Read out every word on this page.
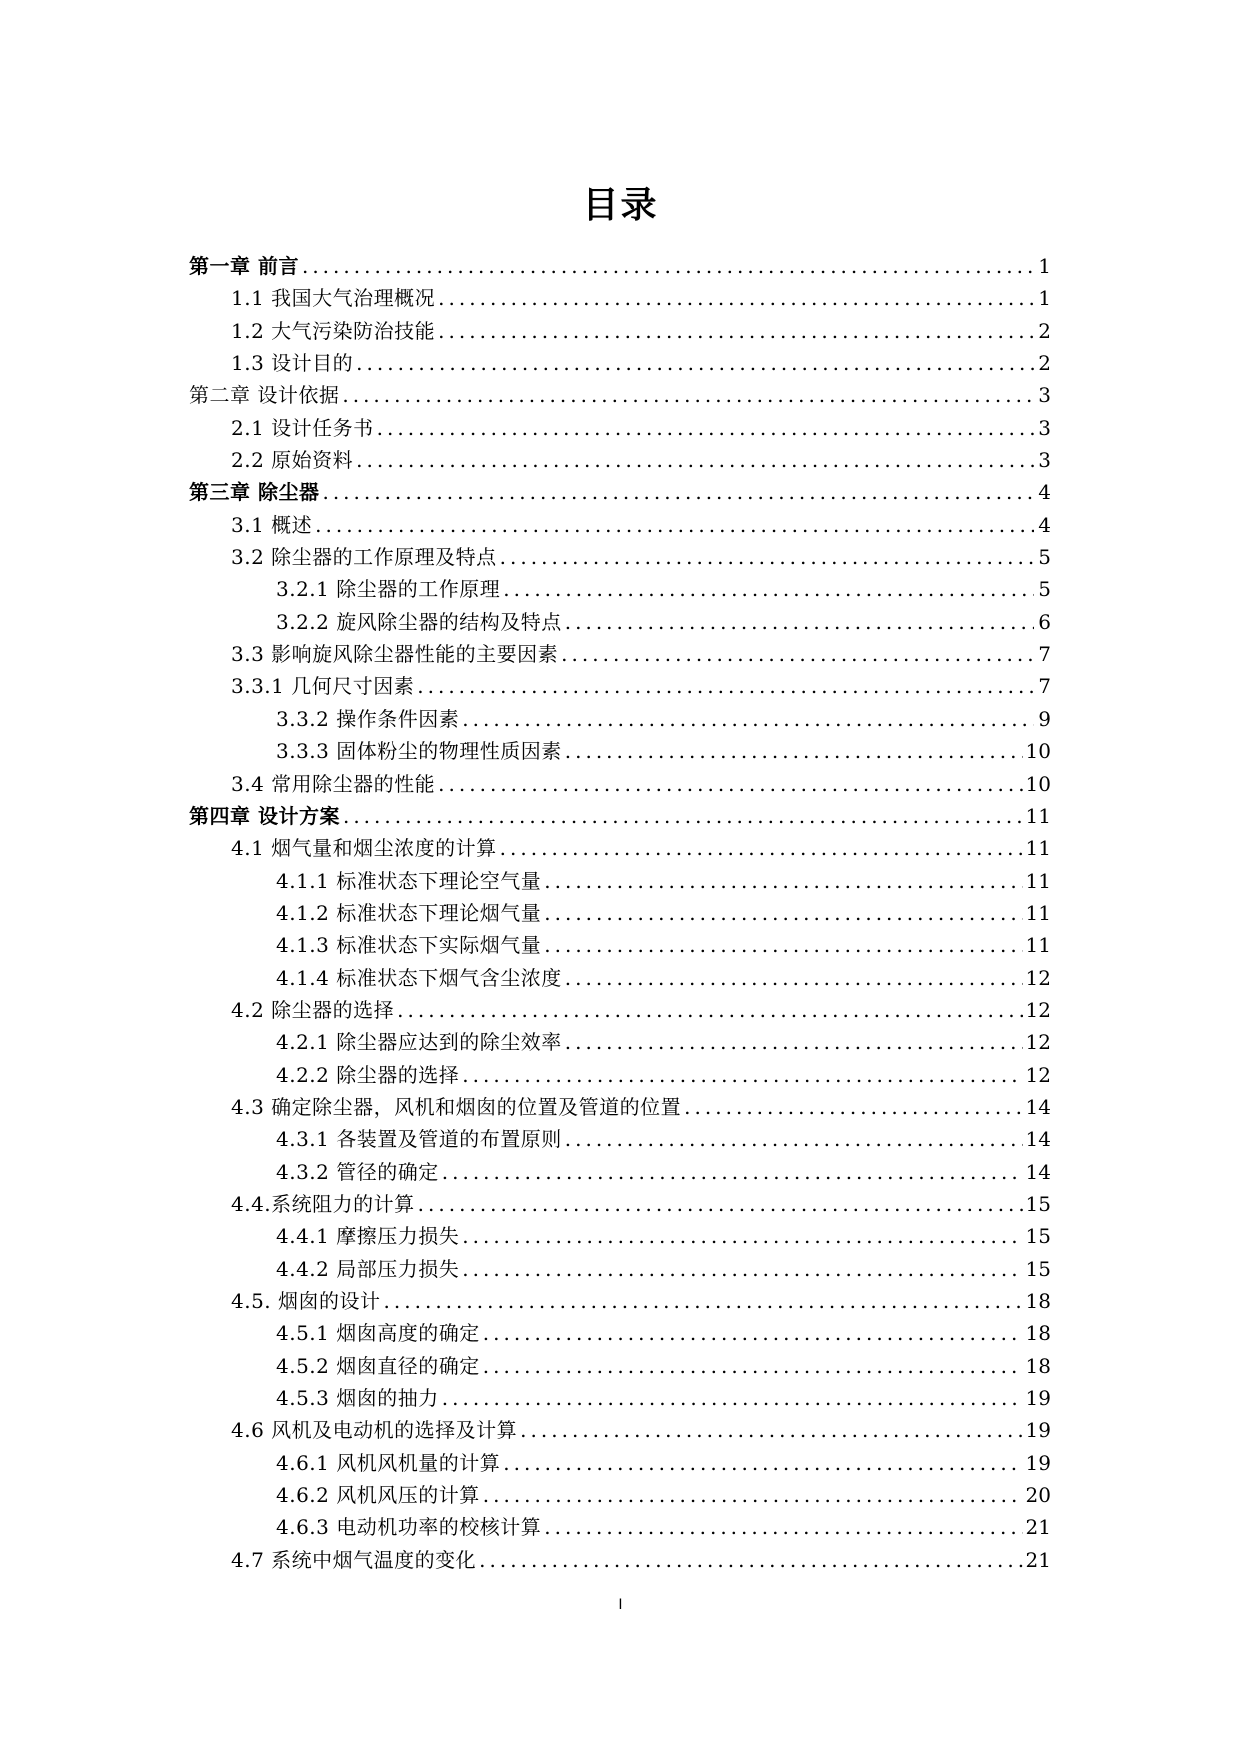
目录
第一章 前言 .....	1
1.1 我国大气治理概况 .....	1
1.2 大气污染防治技能 .....	2
1.3 设计目的 .....	2
第二章 设计依据 .....	3
2.1 设计任务书 .....	3
2.2 原始资料 .....	3
第三章 除尘器 .....	4
3.1 概述 .....	4
3.2 除尘器的工作原理及特点 .....	5
3.2.1 除尘器的工作原理 .....	5
3.2.2 旋风除尘器的结构及特点 .....	6
3.3 影响旋风除尘器性能的主要因素 .....	7
3.3.1 几何尺寸因素 .....	7
3.3.2 操作条件因素 .....	9
3.3.3 固体粉尘的物理性质因素 .....	10
3.4 常用除尘器的性能 .....	10
第四章 设计方案 .....	11
4.1 烟气量和烟尘浓度的计算 .....	11
4.1.1 标准状态下理论空气量 .....	11
4.1.2 标准状态下理论烟气量 .....	11
4.1.3 标准状态下实际烟气量 .....	11
4.1.4 标准状态下烟气含尘浓度 .....	12
4.2 除尘器的选择 .....	12
4.2.1 除尘器应达到的除尘效率 .....	12
4.2.2 除尘器的选择 .....	12
4.3 确定除尘器，风机和烟囱的位置及管道的位置 .....	14
4.3.1 各装置及管道的布置原则 .....	14
4.3.2 管径的确定 .....	14
4.4.系统阻力的计算 .....	15
4.4.1 摩擦压力损失 .....	15
4.4.2 局部压力损失 .....	15
4.5. 烟囱的设计 .....	18
4.5.1 烟囱高度的确定 .....	18
4.5.2 烟囱直径的确定 .....	18
4.5.3 烟囱的抽力 .....	19
4.6 风机及电动机的选择及计算 .....	19
4.6.1 风机风机量的计算 .....	19
4.6.2 风机风压的计算 .....	20
4.6.3 电动机功率的校核计算 .....	21
4.7 系统中烟气温度的变化 .....	21
I
